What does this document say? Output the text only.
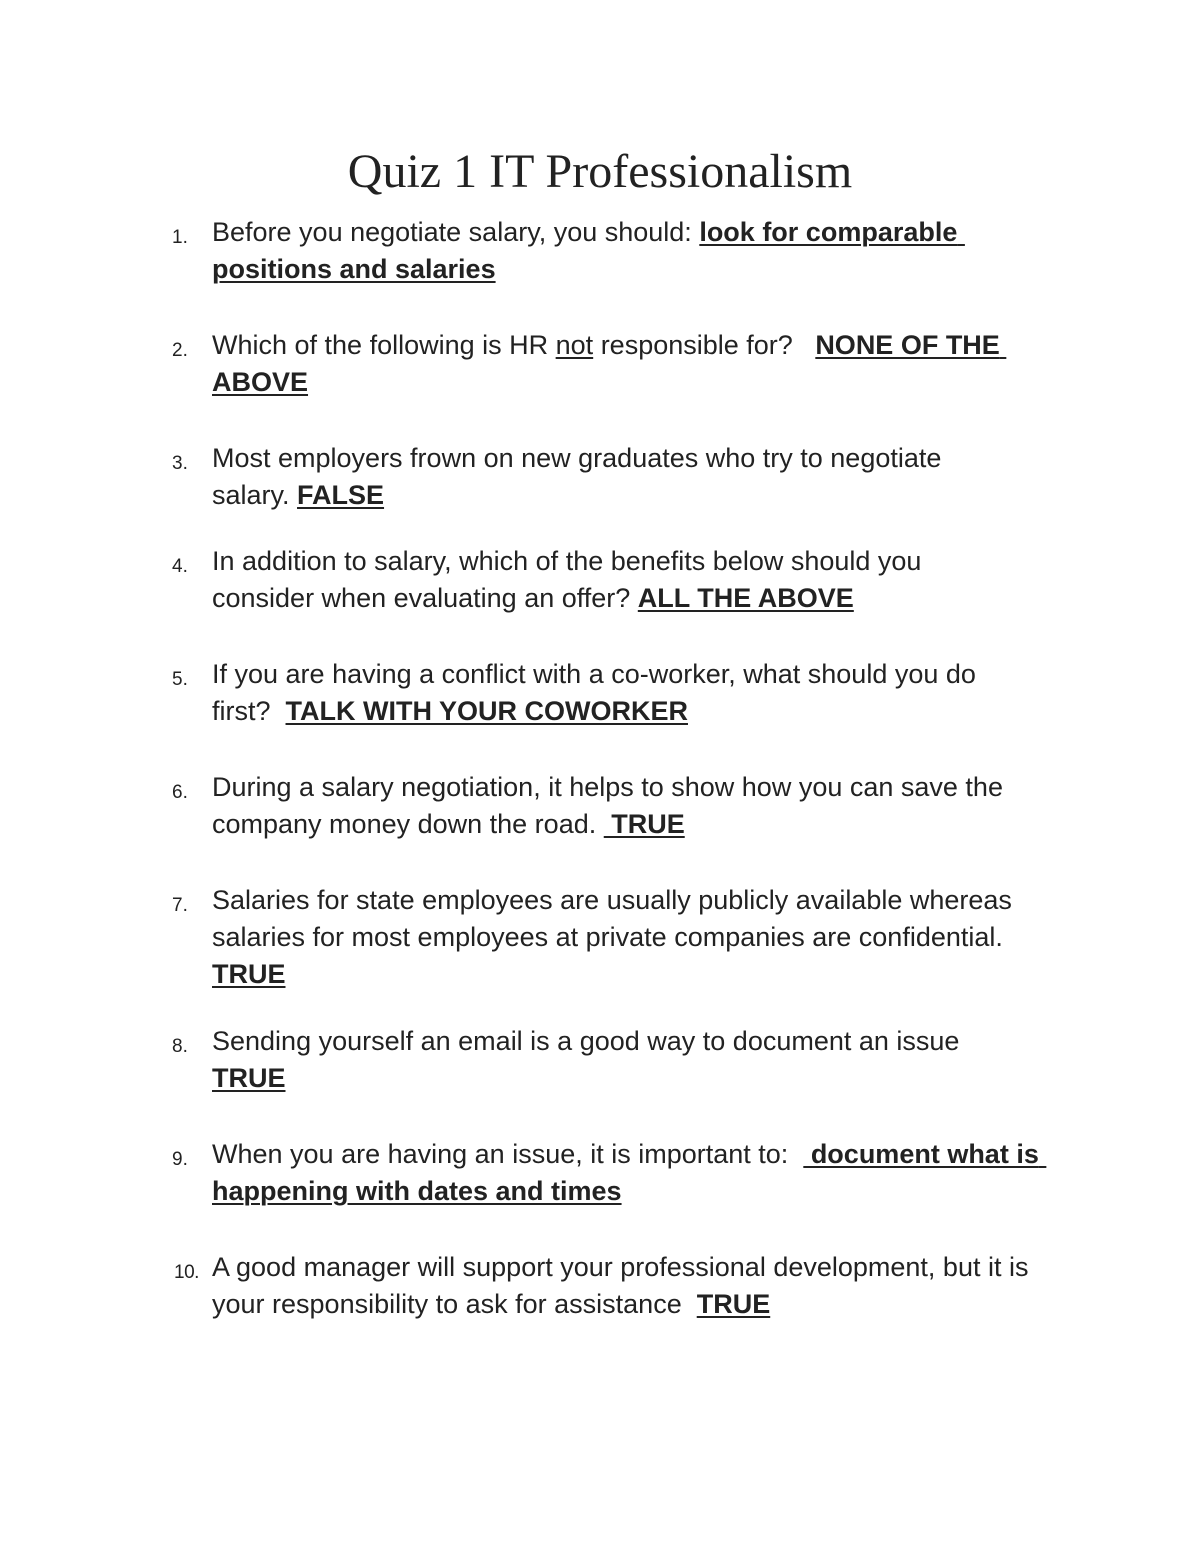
Quiz 1 IT Professionalism
1. Before you negotiate salary, you should: look for comparable positions and salaries
2. Which of the following is HR not responsible for?   NONE OF THE ABOVE
3. Most employers frown on new graduates who try to negotiate salary. FALSE
4. In addition to salary, which of the benefits below should you consider when evaluating an offer? ALL THE ABOVE
5. If you are having a conflict with a co-worker, what should you do first?  TALK WITH YOUR COWORKER
6. During a salary negotiation, it helps to show how you can save the company money down the road.  TRUE
7. Salaries for state employees are usually publicly available whereas salaries for most employees at private companies are confidential. TRUE
8. Sending yourself an email is a good way to document an issue TRUE
9. When you are having an issue, it is important to:   document what is happening with dates and times
10. A good manager will support your professional development, but it is your responsibility to ask for assistance  TRUE
